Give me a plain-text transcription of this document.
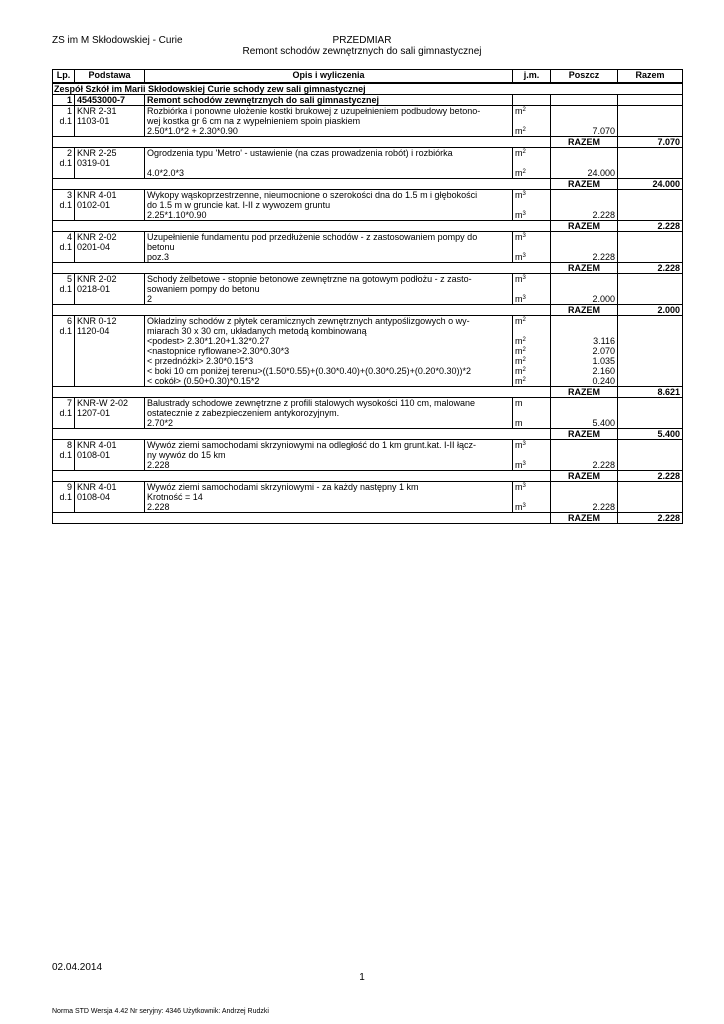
ZS im M Skłodowskiej - Curie	PRZEDMIAR
Remont schodów zewnętrznych do sali gimnastycznej
Lp.	Podstawa	Opis i wyliczenia	j.m.	Poszcz	Razem
Zespół Szkół im Marii Skłodowskiej Curie schody zew sali gimnastycznej					
1	45453000-7	Remont schodów zewnętrznych do sali gimnastycznej			
1	KNR 2-31	Rozbiórka i ponowne ułożenie kostki brukowej z uzupełnieniem podbudowy betono-	$m^2$		
d.1	1103-01	wej kostka gr 6 cm na z wypełnieniem spoin piaskiem			
		2.50*1.0*2 + 2.30*0.90	$m^2$	7.070	
				RAZEM	7.070
2	KNR 2-25	Ogrodzenia typu 'Metro' - ustawienie (na czas prowadzenia robót) i rozbiórka	$m^2$		
d.1	0319-01				
		4.0*2.0*3	$m^2$	24.000	
				RAZEM	24.000
3	KNR 4-01	Wykopy wąskoprzestrzenne, nieumocnione o szerokości dna do 1.5 m i głębokości	$m^3$		
d.1	0102-01	do 1.5 m w gruncie kat. I-II z wywozem gruntu			
		2.25*1.10*0.90	$m^3$	2.228	
				RAZEM	2.228
4	KNR 2-02	Uzupełnienie fundamentu pod przedłużenie schodów - z zastosowaniem pompy do	$m^3$		
d.1	0201-04	betonu			
		poz.3	$m^3$	2.228	
				RAZEM	2.228
5	KNR 2-02	Schody żelbetowe - stopnie betonowe zewnętrzne na gotowym podłożu - z zasto-	$m^3$		
d.1	0218-01	sowaniem pompy do betonu			
		2	$m^3$	2.000	
				RAZEM	2.000
6	KNR 0-12	Okładziny schodów z płytek ceramicznych zewnętrznych antypoślizgowych o wy-	$m^2$		
d.1	1120-04	miarach 30 x 30 cm, układanych metodą kombinowaną			
		<podest> 2.30*1.20+1.32*0.27	$m^2$	3.116	
		<nastopnice ryflowane>2.30*0.30*3	$m^2$	2.070	
		< przednóżki> 2.30*0.15*3	$m^2$	1.035	
		< boki 10 cm poniżej terenu>((1.50*0.55)+(0.30*0.40)+(0.30*0.25)+(0.20*0.30))*2	$m^2$	2.160	
		< cokół> (0.50+0.30)*0.15*2	$m^2$	0.240	
				RAZEM	8.621
7	KNR-W 2-02	Balustrady schodowe zewnętrzne z profili stalowych wysokości 110 cm, malowane	m		
d.1	1207-01	ostatecznie z zabezpieczeniem antykorozyjnym.			
		2.70*2	m	5.400	
				RAZEM	5.400
8	KNR 4-01	Wywóz ziemi samochodami skrzyniowymi na odległość do 1 km grunt.kat. I-II łącz-	$m^3$		
d.1	0108-01	ny wywóz do 15 km			
		2.228	$m^3$	2.228	
				RAZEM	2.228
9	KNR 4-01	Wywóz ziemi samochodami skrzyniowymi - za każdy następny 1 km	$m^3$		
d.1	0108-04	Krotność = 14			
		2.228	$m^3$	2.228	
				RAZEM	2.228
02.04.2014
1
Norma STD Wersja 4.42 Nr seryjny: 4346 Użytkownik: Andrzej Rudzki
